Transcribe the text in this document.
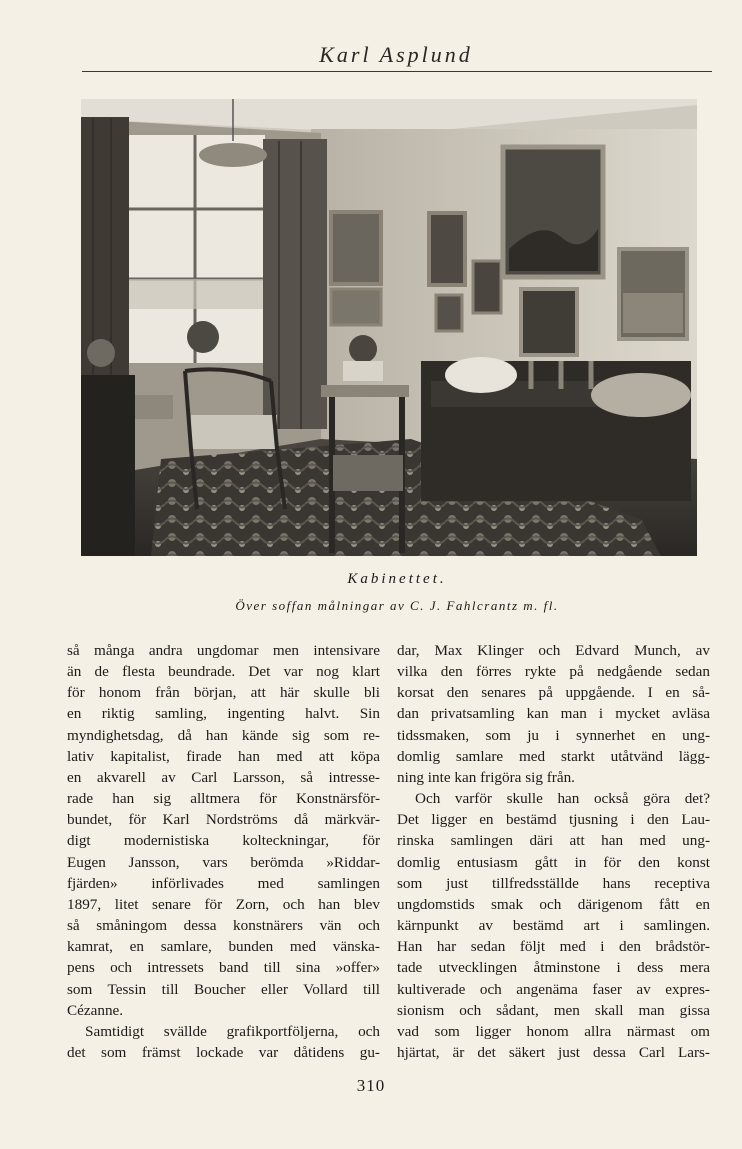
Karl Asplund
Kabinettet.
Över soffan målningar av C. J. Fahlcrantz m. fl.

så många andra ungdomar men intensivare
än de flesta beundrade. Det var nog klart
för honom från början, att här skulle bli
en riktig samling, ingenting halvt. Sin
myndighetsdag, då han kände sig som re-
lativ kapitalist, firade han med att köpa
en akvarell av Carl Larsson, så intresse-
rade han sig alltmera för Konstnärsför-
bundet, för Karl Nordströms då märkvär-
digt modernistiska kolteckningar, för
Eugen Jansson, vars berömda »Riddar-
fjärden» införlivades med samlingen
1897, litet senare för Zorn, och han blev
så småningom dessa konstnärers vän och
kamrat, en samlare, bunden med vänska-
pens och intressets band till sina »offer»
som Tessin till Boucher eller Vollard till
Cézanne.

Samtidigt svällde grafikportföljerna, och
det som främst lockade var dåtidens gu-

dar, Max Klinger och Edvard Munch, av
vilka den förres rykte på nedgående sedan
korsat den senares på uppgående. I en så-
dan privatsamling kan man i mycket avläsa
tidssmaken, som ju i synnerhet en ung-
domlig samlare med starkt utåtvänd lägg-
ning inte kan frigöra sig från.

Och varför skulle han också göra det?
Det ligger en bestämd tjusning i den Lau-
rinska samlingen däri att han med ung-
domlig entusiasm gått in för den konst
som just tillfredsställde hans receptiva
ungdomstids smak och därigenom fått en
kärnpunkt av bestämd art i samlingen.
Han har sedan följt med i den brådstör-
tade utvecklingen åtminstone i dess mera
kultiverade och angenäma faser av expres-
sionism och sådant, men skall man gissa
vad som ligger honom allra närmast om
hjärtat, är det säkert just dessa Carl Lars-

310
